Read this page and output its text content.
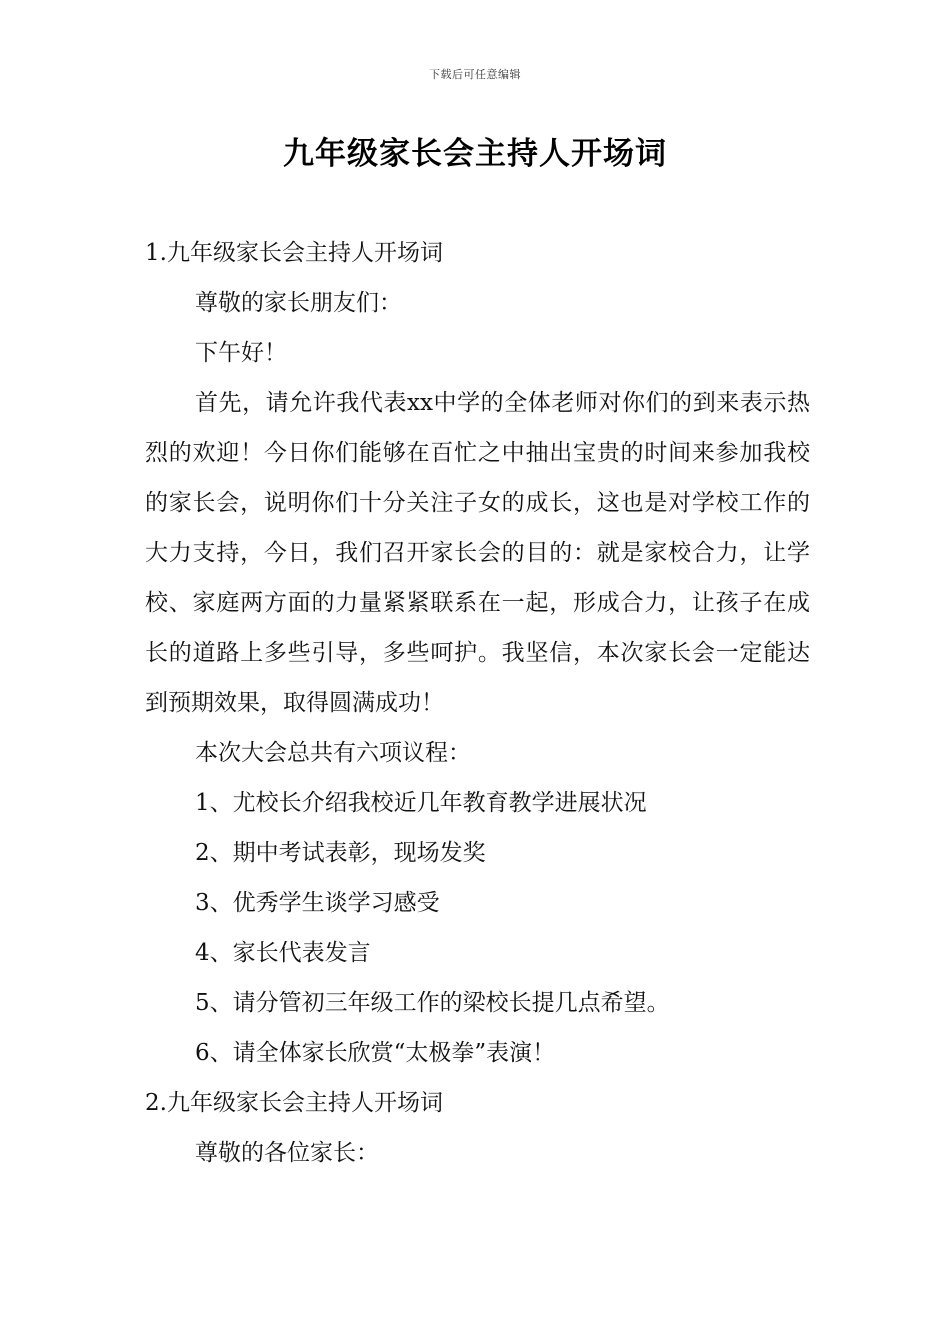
下载后可任意编辑
九年级家长会主持人开场词

1.九年级家长会主持人开场词

尊敬的家长朋友们：

下午好！

首先，请允许我代表xx中学的全体老师对你们的到来表示热烈的欢迎！今日你们能够在百忙之中抽出宝贵的时间来参加我校的家长会，说明你们十分关注子女的成长，这也是对学校工作的大力支持，今日，我们召开家长会的目的：就是家校合力，让学校、家庭两方面的力量紧紧联系在一起，形成合力，让孩子在成长的道路上多些引导，多些呵护。我坚信，本次家长会一定能达到预期效果，取得圆满成功！

本次大会总共有六项议程：

1、尤校长介绍我校近几年教育教学进展状况

2、期中考试表彰，现场发奖

3、优秀学生谈学习感受

4、家长代表发言

5、请分管初三年级工作的梁校长提几点希望。

6、请全体家长欣赏“太极拳”表演！

2.九年级家长会主持人开场词

尊敬的各位家长：
